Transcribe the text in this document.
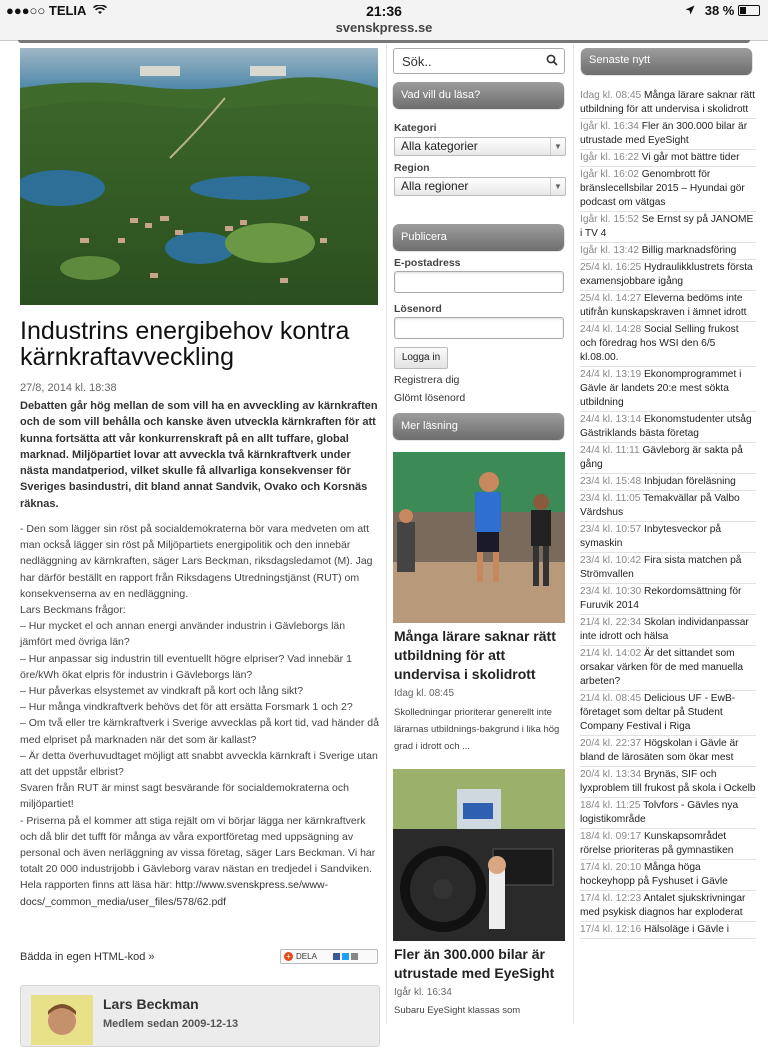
●●●○○ TELIA	21:36	38 %
svenskpress.se
Industrins energibehov kontra kärnkraftavveckling
27/8, 2014 kl. 18:38
Debatten går hög mellan de som vill ha en avveckling av kärnkraften och de som vill behålla och kanske även utveckla kärnkraften för att kunna fortsätta att vår konkurrenskraft på en allt tuffare, global marknad. Miljöpartiet lovar att avveckla två kärnkraftverk under nästa mandatperiod, vilket skulle få allvarliga konsekvenser för Sveriges basindustri, dit bland annat Sandvik, Ovako och Korsnäs räknas.

- Den som lägger sin röst på socialdemokraterna bör vara medveten om att man också lägger sin röst på Miljöpartiets energipolitik och den innebär nedläggning av kärnkraften, säger Lars Beckman, riksdagsledamot (M). Jag har därför beställt en rapport från Riksdagens Utredningstjänst (RUT) om konsekvenserna av en nedläggning.

Lars Beckmans frågor:

– Hur mycket el och annan energi använder industrin i Gävleborgs län jämfört med övriga län?

– Hur anpassar sig industrin till eventuellt högre elpriser? Vad innebär 1 öre/kWh ökat elpris för industrin i Gävleborgs län?

– Hur påverkas elsystemet av vindkraft på kort och lång sikt?

– Hur många vindkraftverk behövs det för att ersätta Forsmark 1 och 2?

– Om två eller tre kärnkraftverk i Sverige avvecklas på kort tid, vad händer då med elpriset på marknaden när det som är kallast?

– Är detta överhuvudtaget möjligt att snabbt avveckla kärnkraft i Sverige utan att det uppstår elbrist?

Svaren från RUT är minst sagt besvärande för socialdemokraterna och miljöpartiet!

- Priserna på el kommer att stiga rejält om vi börjar lägga ner kärnkraftverk och då blir det tufft för många av våra exportföretag med uppsägning av personal och även nerläggning av vissa företag, säger Lars Beckman. Vi har totalt 20 000 industrijobb i Gävleborg varav nästan en tredjedel i Sandviken.

Hela rapporten finns att läsa här: http://www.svenskpress.se/www-docs/_common_media/user_files/578/62.pdf

Bädda in egen HTML-kod »	+ DELA
Lars Beckman
Medlem sedan 2009-12-13
Sök..
Vad vill du läsa?
Kategori
Alla kategorier	▼
Region
Alla regioner	▼
Publicera
E-postadress
Lösenord
Logga in
Registrera dig
Glömt lösenord
Mer läsning
Många lärare saknar rätt utbildning för att undervisa i skolidrott
Idag kl. 08:45
Skolledningar prioriterar generellt inte lärarnas utbildnings-bakgrund i lika hög grad i idrott och ...
Fler än 300.000 bilar är utrustade med EyeSight
Igår kl. 16:34
Subaru EyeSight klassas som
Senaste nytt
Idag kl. 08:45 Många lärare saknar rätt utbildning för att undervisa i skolidrott
Igår kl. 16:34 Fler än 300.000 bilar är utrustade med EyeSight
Igår kl. 16:22 Vi går mot bättre tider
Igår kl. 16:02 Genombrott för bränslecellsbilar 2015 – Hyundai gör podcast om vätgas
Igår kl. 15:52 Se Ernst sy på JANOME i TV 4
Igår kl. 13:42 Billig marknadsföring
25/4 kl. 16:25 Hydraulikklustrets första examensjobbare igång
25/4 kl. 14:27 Eleverna bedöms inte utifrån kunskapskraven i ämnet idrott
24/4 kl. 14:28 Social Selling frukost och föredrag hos WSI den 6/5 kl.08.00.
24/4 kl. 13:19 Ekonomprogrammet i Gävle är landets 20:e mest sökta utbildning
24/4 kl. 13:14 Ekonomstudenter utsåg Gästriklands bästa företag
24/4 kl. 11:11 Gävleborg är sakta på gång
23/4 kl. 15:48 Inbjudan föreläsning
23/4 kl. 11:05 Temakvällar på Valbo Värdshus
23/4 kl. 10:57 Inbytesveckor på symaskin
23/4 kl. 10:42 Fira sista matchen på Strömvallen
23/4 kl. 10:30 Rekordomsättning för Furuvik 2014
21/4 kl. 22:34 Skolan individanpassar inte idrott och hälsa
21/4 kl. 14:02 Är det sittandet som orsakar värken för de med manuella arbeten?
21/4 kl. 08:45 Delicious UF - EwB-företaget som deltar på Student Company Festival i Riga
20/4 kl. 22:37 Högskolan i Gävle är bland de lärosäten som ökar mest
20/4 kl. 13:34 Brynäs, SIF och lyxproblem till frukost på skola i Ockelb
18/4 kl. 11:25 Tolvfors - Gävles nya logistikområde
18/4 kl. 09:17 Kunskapsområdet rörelse prioriteras på gymnastiken
17/4 kl. 20:10 Många höga hockeyhopp på Fyshuset i Gävle
17/4 kl. 12:23 Antalet sjukskrivningar med psykisk diagnos har exploderat
17/4 kl. 12:16 Hälsoläge i Gävle i
